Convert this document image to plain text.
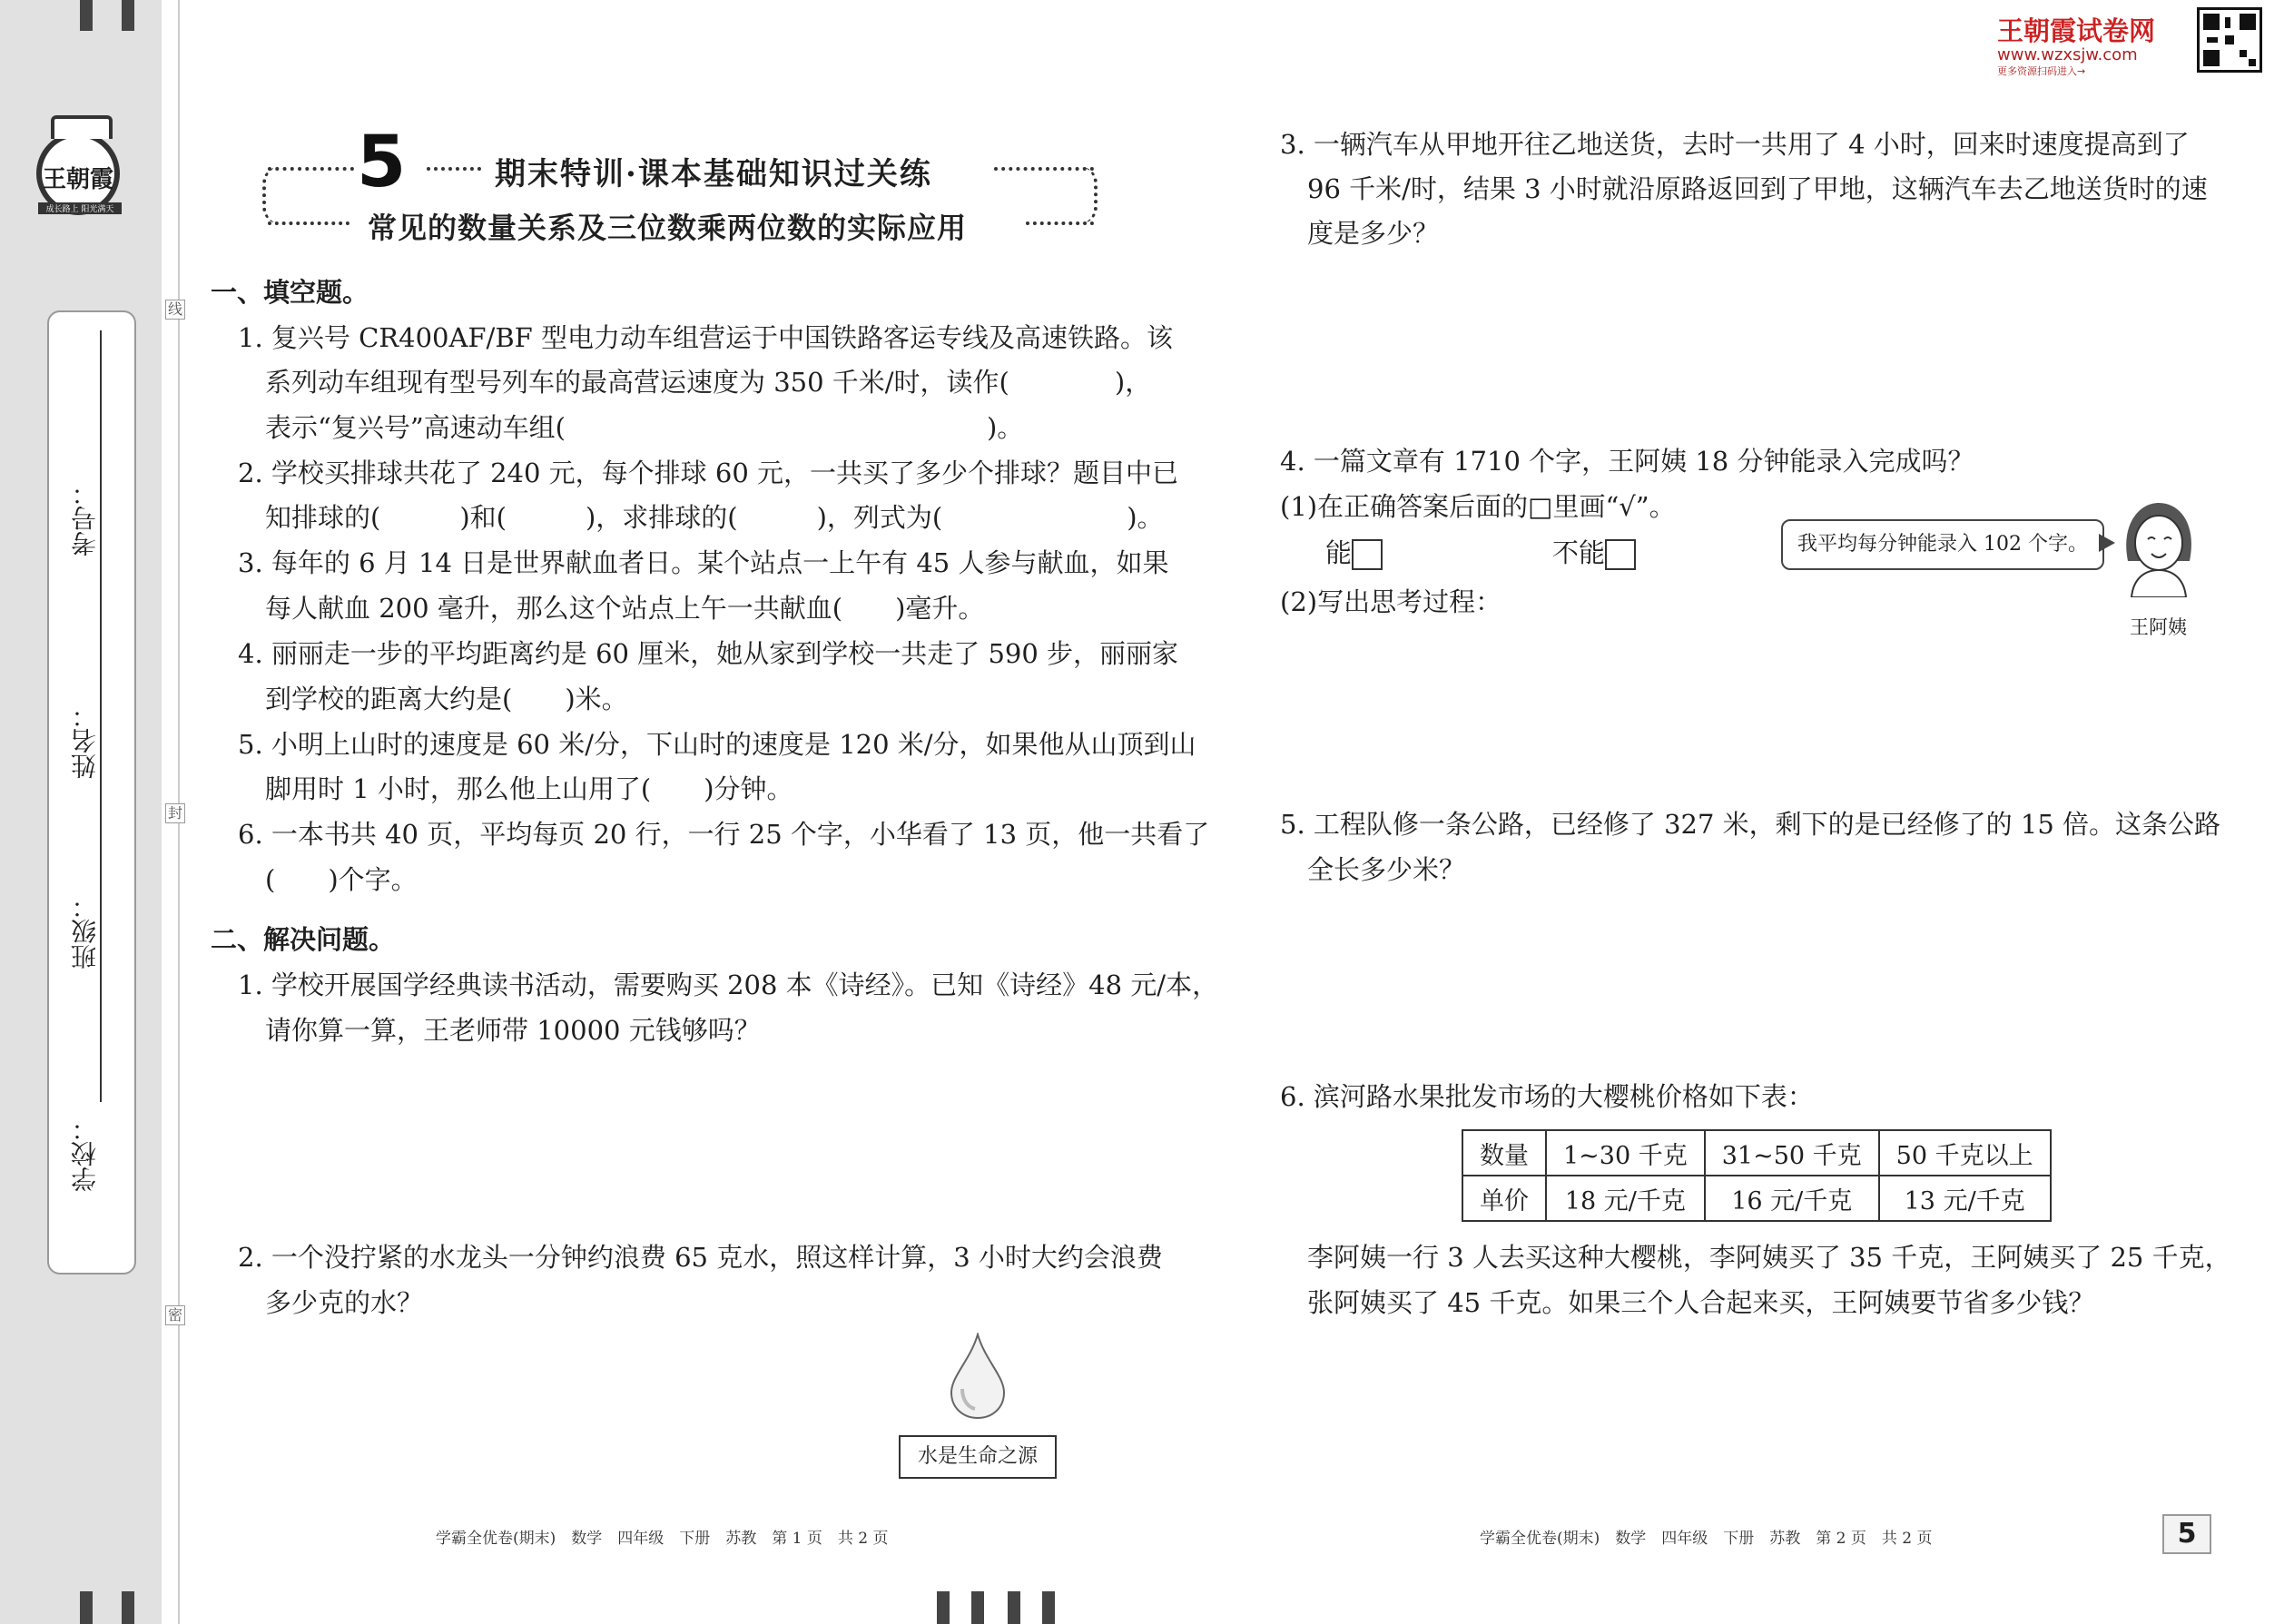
王朝霞
成长路上 阳光满天
学校：
班级：
姓名：
考号：
线
封
密
5	期末特训·课本基础知识过关练
常见的数量关系及三位数乘两位数的实际应用
王朝霞试卷网
www.wzxsjw.com
更多资源扫码进入→
一、填空题。
1. 复兴号 CR400AF/BF 型电力动车组营运于中国铁路客运专线及高速铁路。该
系列动车组现有型号列车的最高营运速度为 350 千米/时，读作(　　　　)，
表示“复兴号”高速动车组(　　　　　　　　　　　　　　　　)。
2. 学校买排球共花了 240 元，每个排球 60 元，一共买了多少个排球？题目中已
知排球的(　　　)和(　　　)，求排球的(　　　)，列式为(　　　　　　　)。
3. 每年的 6 月 14 日是世界献血者日。某个站点一上午有 45 人参与献血，如果
每人献血 200 毫升，那么这个站点上午一共献血(　　)毫升。
4. 丽丽走一步的平均距离约是 60 厘米，她从家到学校一共走了 590 步，丽丽家
到学校的距离大约是(　　)米。
5. 小明上山时的速度是 60 米/分，下山时的速度是 120 米/分，如果他从山顶到山
脚用时 1 小时，那么他上山用了(　　)分钟。
6. 一本书共 40 页，平均每页 20 行，一行 25 个字，小华看了 13 页，他一共看了
(　　)个字。
二、解决问题。
1. 学校开展国学经典读书活动，需要购买 208 本《诗经》。已知《诗经》48 元/本，
请你算一算，王老师带 10000 元钱够吗？
2. 一个没拧紧的水龙头一分钟约浪费 65 克水，照这样计算，3 小时大约会浪费
多少克的水？
水是生命之源
学霸全优卷(期末)　数学　四年级　下册　苏教　第 1 页　共 2 页
3. 一辆汽车从甲地开往乙地送货，去时一共用了 4 小时，回来时速度提高到了
96 千米/时，结果 3 小时就沿原路返回到了甲地，这辆汽车去乙地送货时的速
度是多少？
4. 一篇文章有 1710 个字，王阿姨 18 分钟能录入完成吗？
(1)在正确答案后面的□里画“√”。
能	不能
(2)写出思考过程：
我平均每分钟能录入 102 个字。
王阿姨
5. 工程队修一条公路，已经修了 327 米，剩下的是已经修了的 15 倍。这条公路
全长多少米？
6. 滨河路水果批发市场的大樱桃价格如下表：
数量	1~30 千克	31~50 千克	50 千克以上
单价	18 元/千克	16 元/千克	13 元/千克
李阿姨一行 3 人去买这种大樱桃，李阿姨买了 35 千克，王阿姨买了 25 千克，
张阿姨买了 45 千克。如果三个人合起来买，王阿姨要节省多少钱？
学霸全优卷(期末)　数学　四年级　下册　苏教　第 2 页　共 2 页	5
